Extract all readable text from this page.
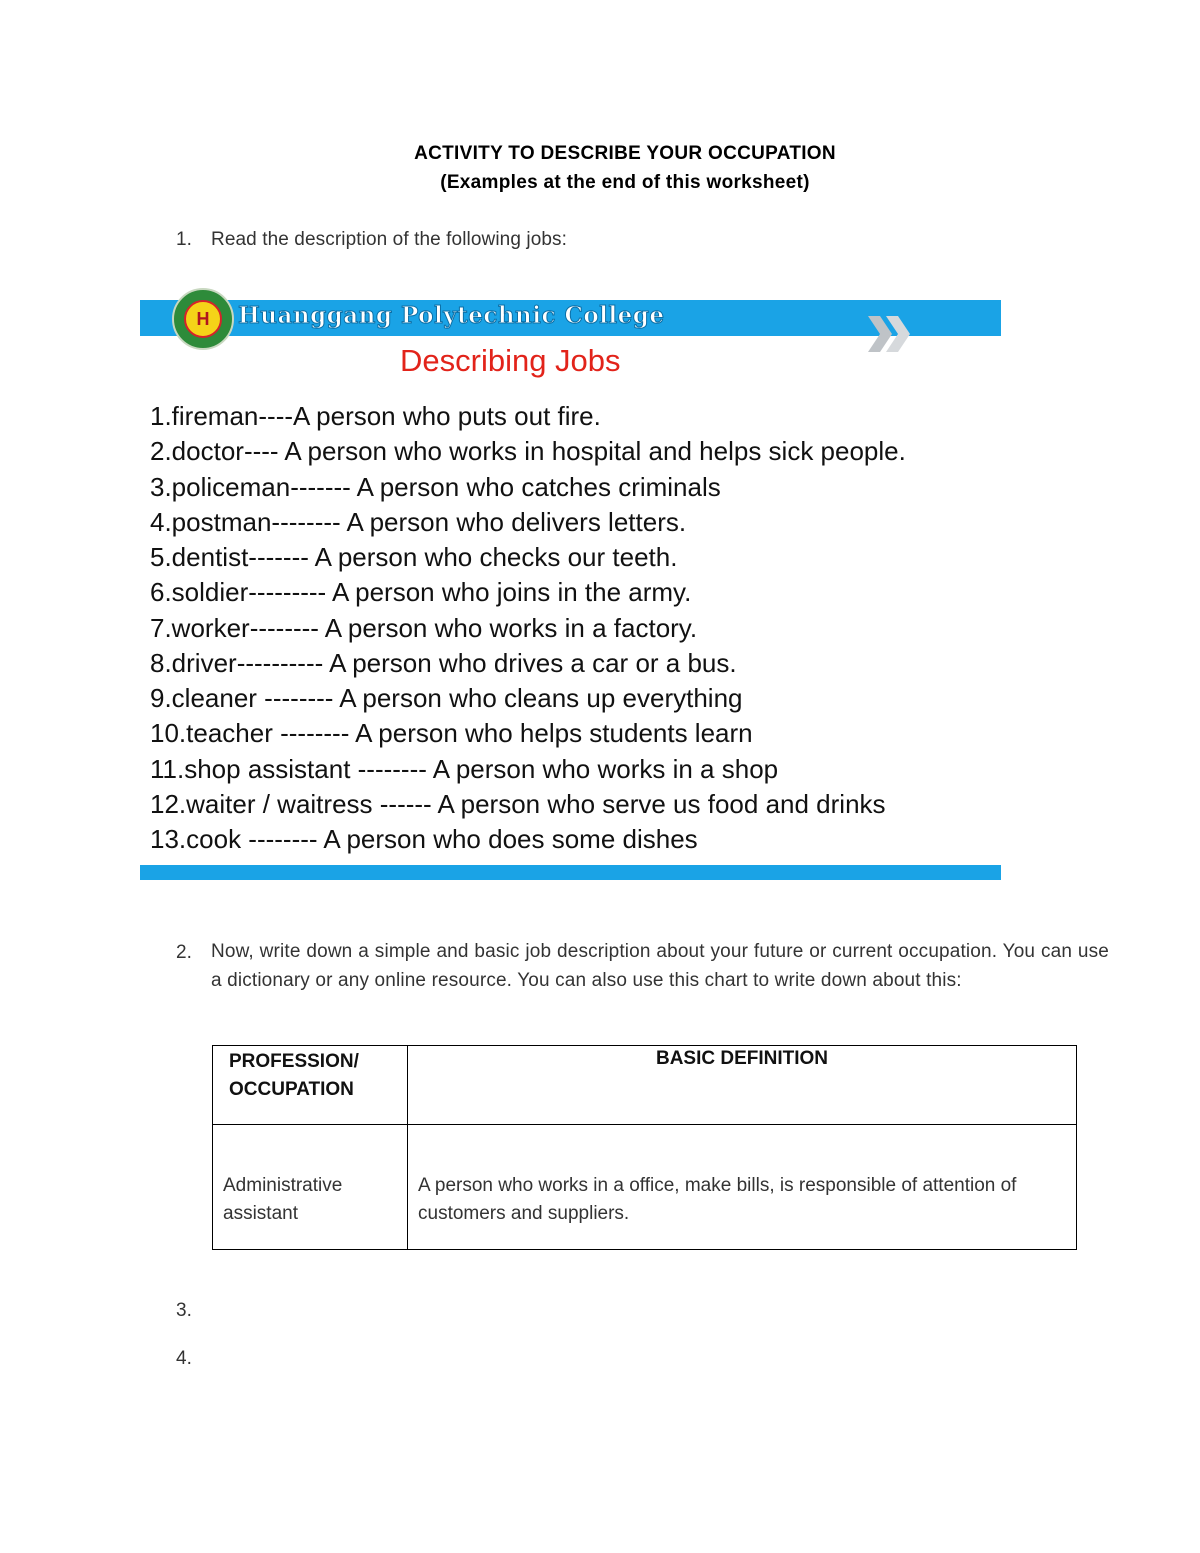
ACTIVITY TO DESCRIBE YOUR OCCUPATION
(Examples at the end of this worksheet)
1. Read the description of the following jobs:
H	Huanggang Polytechnic College
Describing Jobs
1.fireman----A person who puts out fire.
2.doctor---- A person who works in hospital and helps sick people.
3.policeman------- A person who catches criminals
4.postman-------- A person who delivers letters.
5.dentist------- A person who checks our teeth.
6.soldier--------- A person who joins in the army.
7.worker-------- A person who works in a factory.
8.driver---------- A person who drives a car or a bus.
9.cleaner -------- A person who cleans up everything
10.teacher -------- A person who helps students learn
11.shop assistant -------- A person who works in a shop
12.waiter / waitress ------ A person who serve us food and drinks
13.cook -------- A person who does some dishes
2. Now, write down a simple and basic job description about your future or current occupation. You can use a dictionary or any online resource. You can also use this chart to write down about this:
PROFESSION/ OCCUPATION	BASIC DEFINITION

Administrative assistant	A person who works in a office, make bills, is responsible of attention of customers and suppliers.
3.
4.
